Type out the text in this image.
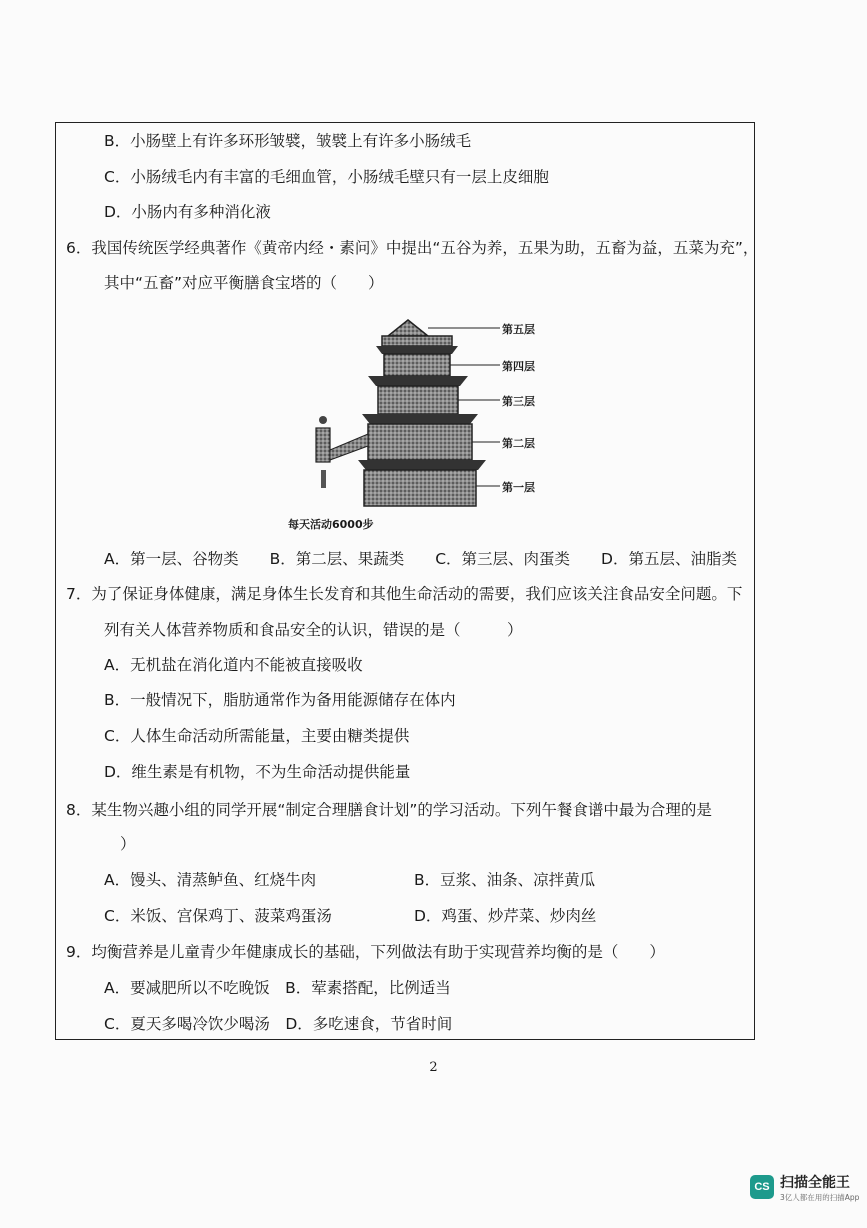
B．小肠壁上有许多环形皱襞，皱襞上有许多小肠绒毛
C．小肠绒毛内有丰富的毛细血管，小肠绒毛壁只有一层上皮细胞
D．小肠内有多种消化液
6．我国传统医学经典著作《黄帝内经・素问》中提出“五谷为养，五果为助，五畜为益，五菜为充”，
其中“五畜”对应平衡膳食宝塔的（　　）
第五层
第四层
第三层
第二层
第一层
每天活动6000步
A．第一层、谷物类　　B．第二层、果蔬类　　C．第三层、肉蛋类　　D．第五层、油脂类
7．为了保证身体健康，满足身体生长发育和其他生命活动的需要，我们应该关注食品安全问题。下
列有关人体营养物质和食品安全的认识，错误的是（　　　）
A．无机盐在消化道内不能被直接吸收
B．一般情况下，脂肪通常作为备用能源储存在体内
C．人体生命活动所需能量，主要由糖类提供
D．维生素是有机物，不为生命活动提供能量
8．某生物兴趣小组的同学开展“制定合理膳食计划”的学习活动。下列午餐食谱中最为合理的是
）
A．馒头、清蒸鲈鱼、红烧牛肉	B．豆浆、油条、凉拌黄瓜
C．米饭、宫保鸡丁、菠菜鸡蛋汤	D．鸡蛋、炒芹菜、炒肉丝
9．均衡营养是儿童青少年健康成长的基础，下列做法有助于实现营养均衡的是（　　）
A．要减肥所以不吃晚饭　B．荤素搭配，比例适当
C．夏天多喝冷饮少喝汤　D．多吃速食，节省时间
2
CS 扫描全能王
3亿人都在用的扫描App
